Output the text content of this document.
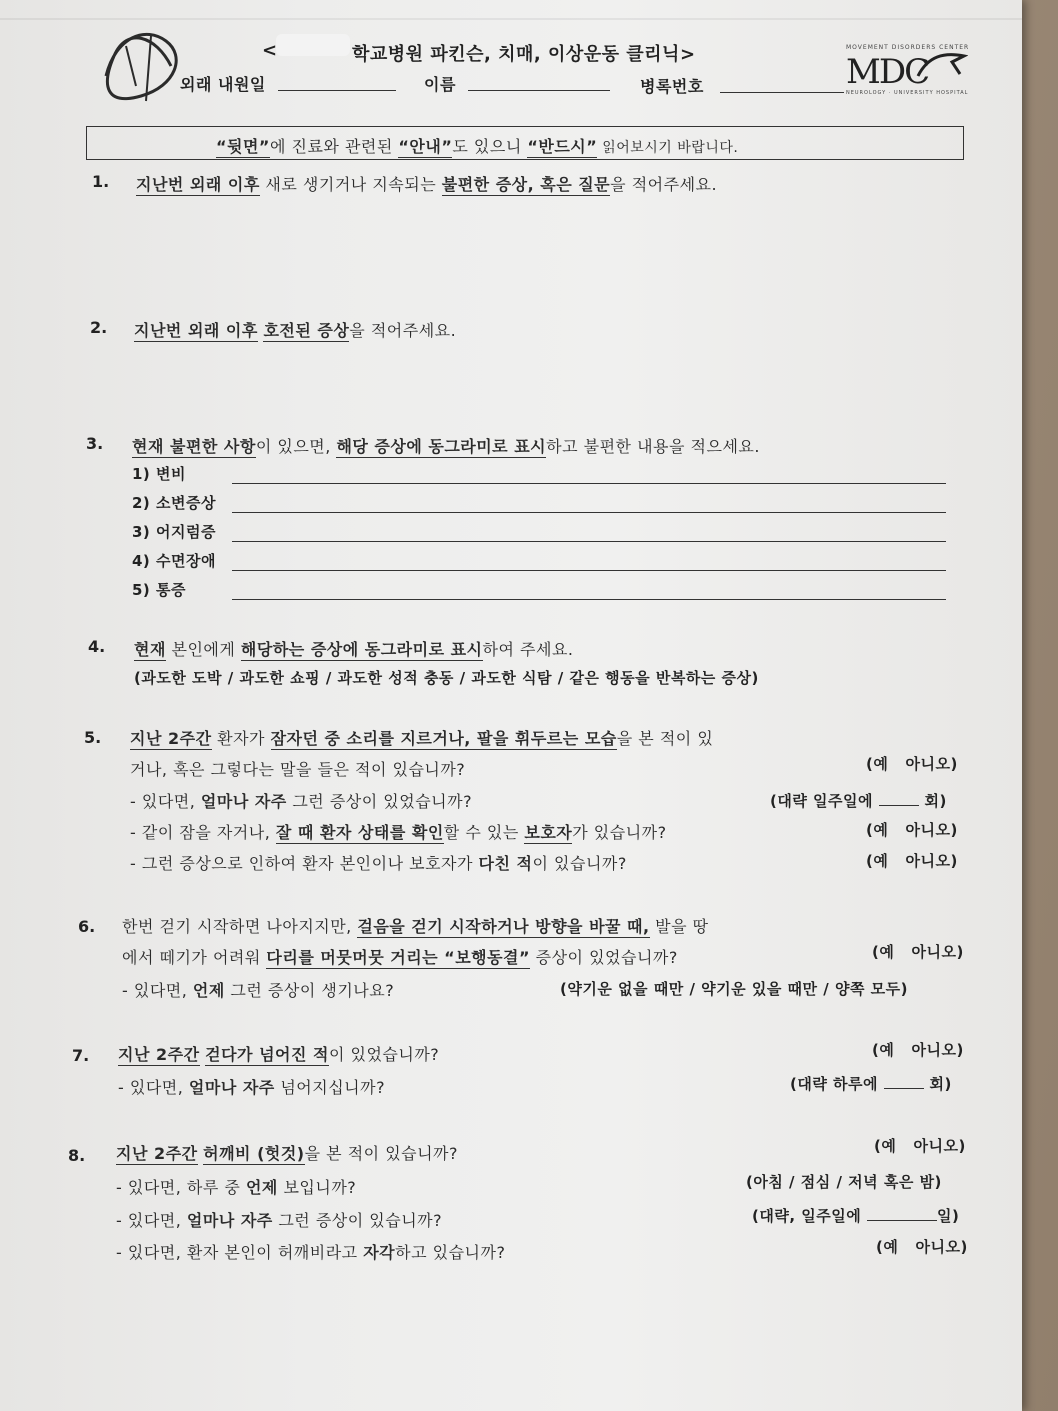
<	학교병원 파킨슨, 치매, 이상운동 클리닉>
외래 내원일	이름	병록번호
MOVEMENT DISORDERS CENTER
MDC
NEUROLOGY · UNIVERSITY HOSPITAL
“뒷면”에 진료와 관련된 “안내”도 있으니 “반드시” 읽어보시기 바랍니다.
1. 지난번 외래 이후 새로 생기거나 지속되는 불편한 증상, 혹은 질문을 적어주세요.
2. 지난번 외래 이후 호전된 증상을 적어주세요.
3. 현재 불편한 사항이 있으면, 해당 증상에 동그라미로 표시하고 불편한 내용을 적으세요.
1) 변비
2) 소변증상
3) 어지럼증
4) 수면장애
5) 통증
4. 현재 본인에게 해당하는 증상에 동그라미로 표시하여 주세요.
(과도한 도박 / 과도한 쇼핑 / 과도한 성적 충동 / 과도한 식탐 / 같은 행동을 반복하는 증상)
5. 지난 2주간 환자가 잠자던 중 소리를 지르거나, 팔을 휘두르는 모습을 본 적이 있
거나, 혹은 그렇다는 말을 들은 적이 있습니까?	(예   아니오)
- 있다면, 얼마나 자주 그런 증상이 있었습니까?	(대략 일주일에	회)
- 같이 잠을 자거나, 잘 때 환자 상태를 확인할 수 있는 보호자가 있습니까?	(예   아니오)
- 그런 증상으로 인하여 환자 본인이나 보호자가 다친 적이 있습니까?	(예   아니오)
6. 한번 걷기 시작하면 나아지지만, 걸음을 걷기 시작하거나 방향을 바꿀 때, 발을 땅
에서 떼기가 어려워 다리를 머뭇머뭇 거리는 “보행동결” 증상이 있었습니까?	(예   아니오)
- 있다면, 언제 그런 증상이 생기나요?	(약기운 없을 때만 / 약기운 있을 때만 / 양쪽 모두)
7. 지난 2주간 걷다가 넘어진 적이 있었습니까?	(예   아니오)
- 있다면, 얼마나 자주 넘어지십니까?	(대략 하루에	회)
8. 지난 2주간 허깨비 (헛것)을 본 적이 있습니까?	(예   아니오)
- 있다면, 하루 중 언제 보입니까?	(아침 / 점심 / 저녁 혹은 밤)
- 있다면, 얼마나 자주 그런 증상이 있습니까?	(대략, 일주일에	일)
- 있다면, 환자 본인이 허깨비라고 자각하고 있습니까?	(예   아니오)
